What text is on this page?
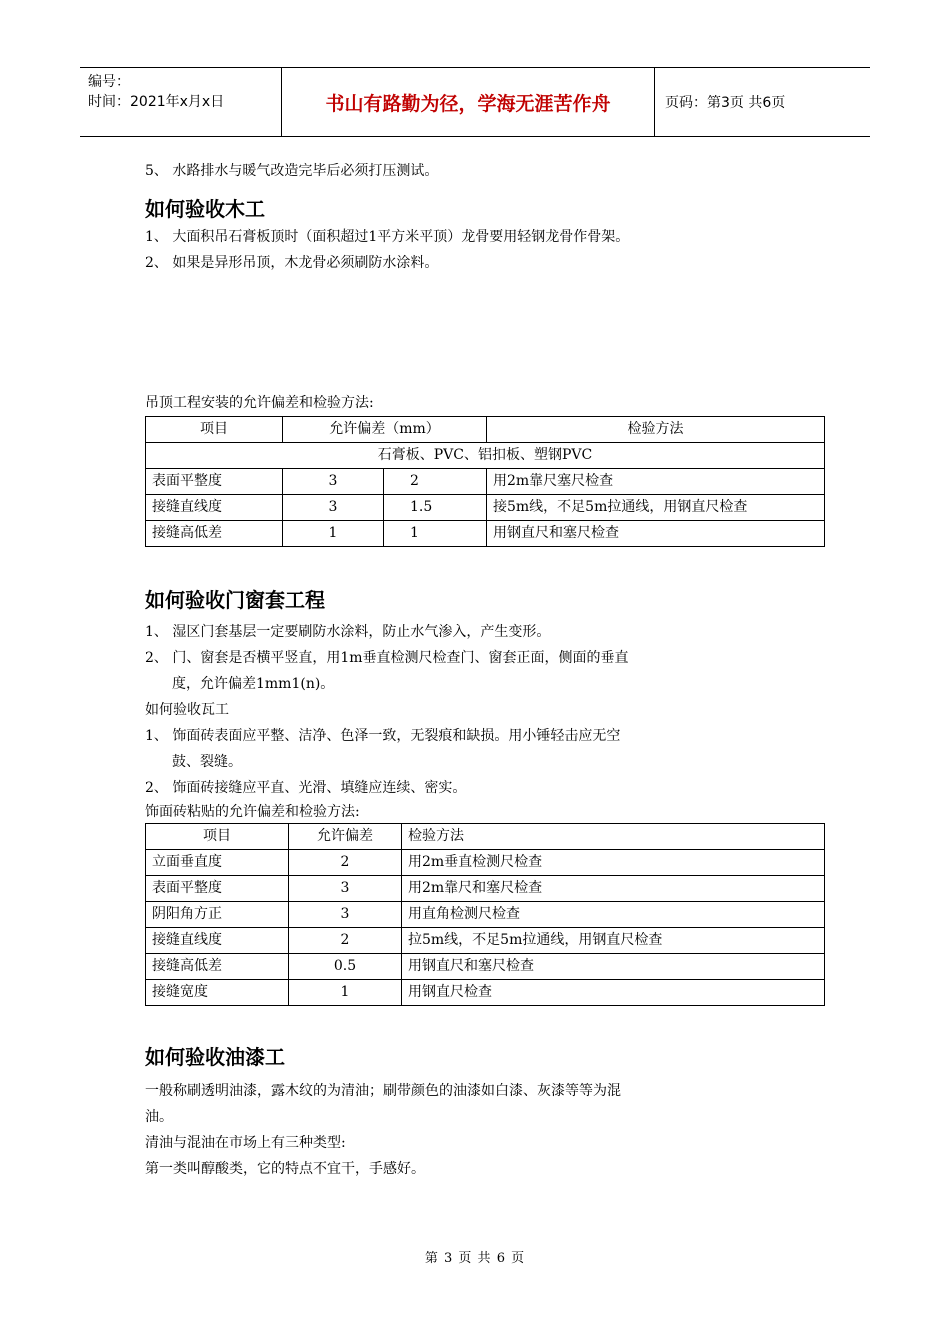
编号：
时间：2021年x月x日	书山有路勤为径，学海无涯苦作舟	页码：第3页 共6页

5、 水路排水与暖气改造完毕后必须打压测试。

如何验收木工

1、 大面积吊石膏板顶时（面积超过1平方米平顶）龙骨要用轻钢龙骨作骨架。

2、 如果是异形吊顶，木龙骨必须刷防水涂料。

吊顶工程安装的允许偏差和检验方法:

项目	允许偏差（mm）		检验方法
石膏板、PVC、铝扣板、塑钢PVC			
表面平整度	3	2	用2m靠尺塞尺检查
接缝直线度	3	1.5	接5m线，不足5m拉通线，用钢直尺检查
接缝高低差	1	1	用钢直尺和塞尺检查

如何验收门窗套工程

1、 湿区门套基层一定要刷防水涂料，防止水气渗入，产生变形。

2、 门、窗套是否横平竖直，用1m垂直检测尺检查门、窗套正面，侧面的垂直

度，允许偏差1mm1(n)。

如何验收瓦工

1、 饰面砖表面应平整、洁净、色泽一致，无裂痕和缺损。用小锤轻击应无空

鼓、裂缝。

2、 饰面砖接缝应平直、光滑、填缝应连续、密实。

饰面砖粘贴的允许偏差和检验方法:

项目	允许偏差	检验方法
立面垂直度	2	用2m垂直检测尺检查
表面平整度	3	用2m靠尺和塞尺检查
阴阳角方正	3	用直角检测尺检查
接缝直线度	2	拉5m线，不足5m拉通线，用钢直尺检查
接缝高低差	0.5	用钢直尺和塞尺检查
接缝宽度	1	用钢直尺检查

如何验收油漆工

一般称刷透明油漆，露木纹的为清油；刷带颜色的油漆如白漆、灰漆等等为混

油。

清油与混油在市场上有三种类型:

第一类叫醇酸类，它的特点不宜干，手感好。

第 3 页 共 6 页
